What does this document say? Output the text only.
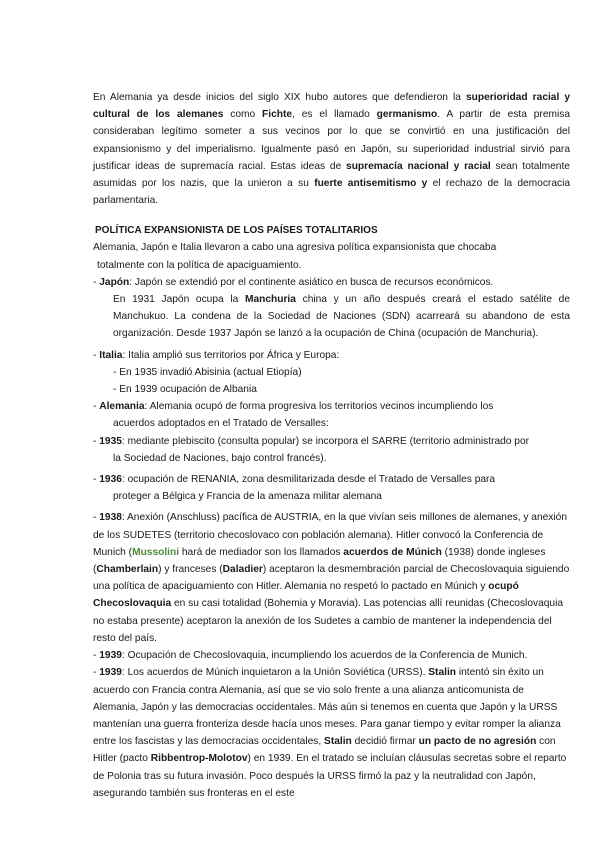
En Alemania ya desde inicios del siglo XIX hubo autores que defendieron la superioridad racial y cultural de los alemanes como Fichte, es el llamado germanismo. A partir de esta premisa consideraban legítimo someter a sus vecinos por lo que se convirtió en una justificación del expansionismo y del imperialismo. Igualmente pasó en Japón, su superioridad industrial sirvió para justificar ideas de supremacía racial. Estas ideas de supremacía nacional y racial sean totalmente asumidas por los nazis, que la unieron a su fuerte antisemitismo y el rechazo de la democracia parlamentaria.

POLÍTICA EXPANSIONISTA DE LOS PAÍSES TOTALITARIOS
Alemania, Japón e Italia llevaron a cabo una agresiva política expansionista que chocaba

totalmente con la política de apaciguamiento.
- Japón: Japón se extendió por el continente asiático en busca de recursos económicos.
En 1931 Japón ocupa la Manchuria china y un año después creará el estado satélite de Manchukuo. La condena de la Sociedad de Naciones (SDN) acarreará su abandono de esta organización. Desde 1937 Japón se lanzó a la ocupación de China (ocupación de Manchuria).
- Italia: Italia amplió sus territorios por África y Europa:
- En 1935 invadió Abisinia (actual Etiopía)
- En 1939 ocupación de Albania
- Alemania: Alemania ocupó de forma progresiva los territorios vecinos incumpliendo los
acuerdos adoptados en el Tratado de Versalles:
- 1935: mediante plebiscito (consulta popular) se incorpora el SARRE (territorio administrado por
la Sociedad de Naciones, bajo control francés).
- 1936: ocupación de RENANIA, zona desmilitarizada desde el Tratado de Versalles para
proteger a Bélgica y Francia de la amenaza militar alemana
- 1938: Anexión (Anschluss) pacífica de AUSTRIA, en la que vivían seis millones de alemanes, y anexión de los SUDETES (territorio checoslovaco con población alemana). Hitler convocó la Conferencia de Munich (Mussolini hará de mediador son los llamados acuerdos de Múnich (1938) donde ingleses (Chamberlain) y franceses (Daladier) aceptaron la desmembración parcial de Checoslovaquia siguiendo una política de apaciguamiento con Hitler. Alemania no respetó lo pactado en Múnich y ocupó Checoslovaquia en su casi totalidad (Bohemia y Moravia). Las potencias allí reunidas (Checoslovaquia no estaba presente) aceptaron la anexión de los Sudetes a cambio de mantener la independencia del resto del país.
- 1939: Ocupación de Checoslovaquia, incumpliendo los acuerdos de la Conferencia de Munich.
- 1939: Los acuerdos de Múnich inquietaron a la Unión Soviética (URSS). Stalin intentó sin éxito un acuerdo con Francia contra Alemania, así que se vio solo frente a una alianza anticomunista de Alemania, Japón y las democracias occidentales. Más aún si tenemos en cuenta que Japón y la URSS mantenían una guerra fronteriza desde hacía unos meses. Para ganar tiempo y evitar romper la alianza entre los fascistas y las democracias occidentales, Stalin decidió firmar un pacto de no agresión con Hitler (pacto Ribbentrop-Molotov) en 1939. En el tratado se incluían cláusulas secretas sobre el reparto de Polonia tras su futura invasión. Poco después la URSS firmó la paz y la neutralidad con Japón, asegurando también sus fronteras en el este
